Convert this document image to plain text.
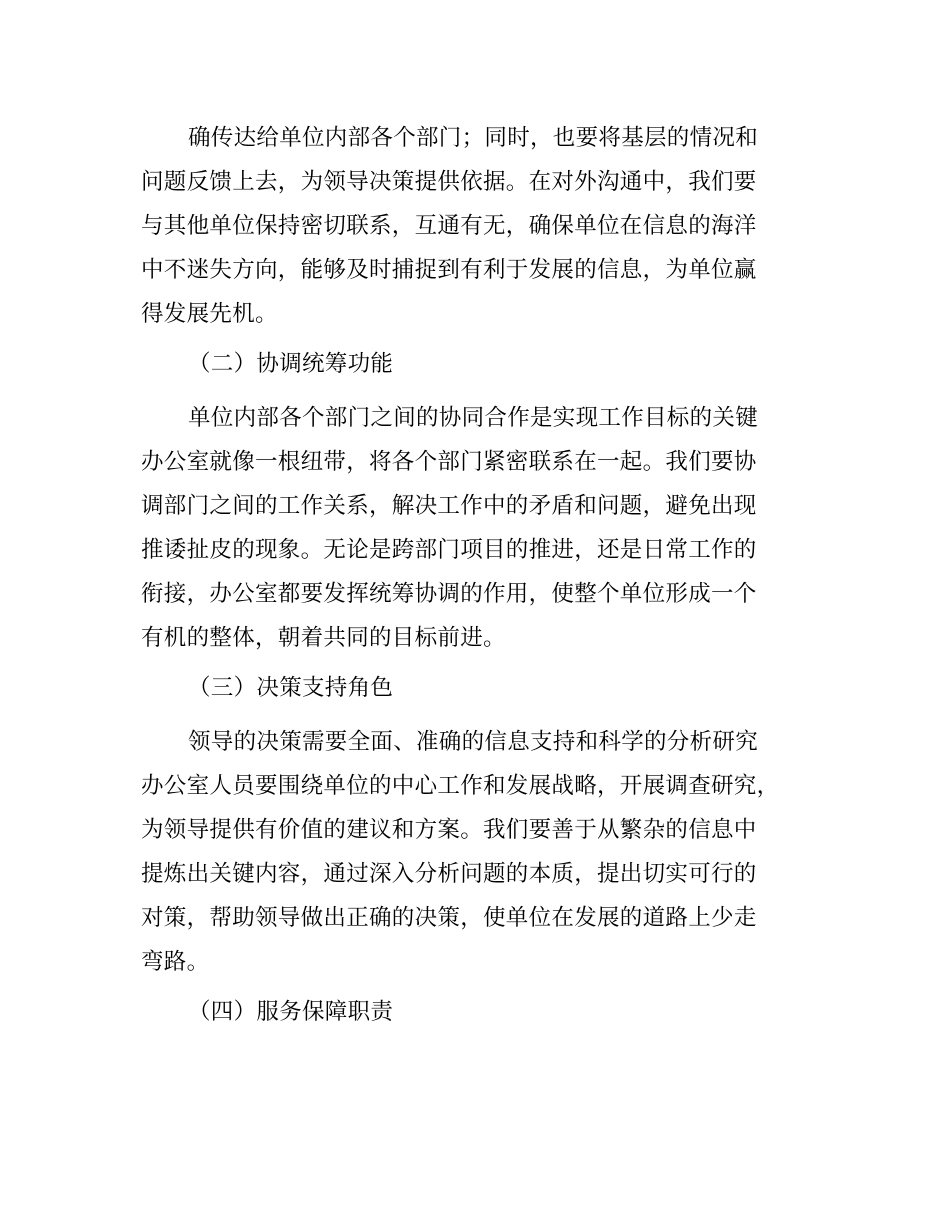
确传达给单位内部各个部门；同时，也要将基层的情况和
问题反馈上去，为领导决策提供依据。在对外沟通中，我们要
与其他单位保持密切联系，互通有无，确保单位在信息的海洋
中不迷失方向，能够及时捕捉到有利于发展的信息，为单位赢
得发展先机。
（二）协调统筹功能
单位内部各个部门之间的协同合作是实现工作目标的关键
办公室就像一根纽带，将各个部门紧密联系在一起。我们要协
调部门之间的工作关系，解决工作中的矛盾和问题，避免出现
推诿扯皮的现象。无论是跨部门项目的推进，还是日常工作的
衔接，办公室都要发挥统筹协调的作用，使整个单位形成一个
有机的整体，朝着共同的目标前进。
（三）决策支持角色
领导的决策需要全面、准确的信息支持和科学的分析研究
办公室人员要围绕单位的中心工作和发展战略，开展调查研究，
为领导提供有价值的建议和方案。我们要善于从繁杂的信息中
提炼出关键内容，通过深入分析问题的本质，提出切实可行的
对策，帮助领导做出正确的决策，使单位在发展的道路上少走
弯路。
（四）服务保障职责
